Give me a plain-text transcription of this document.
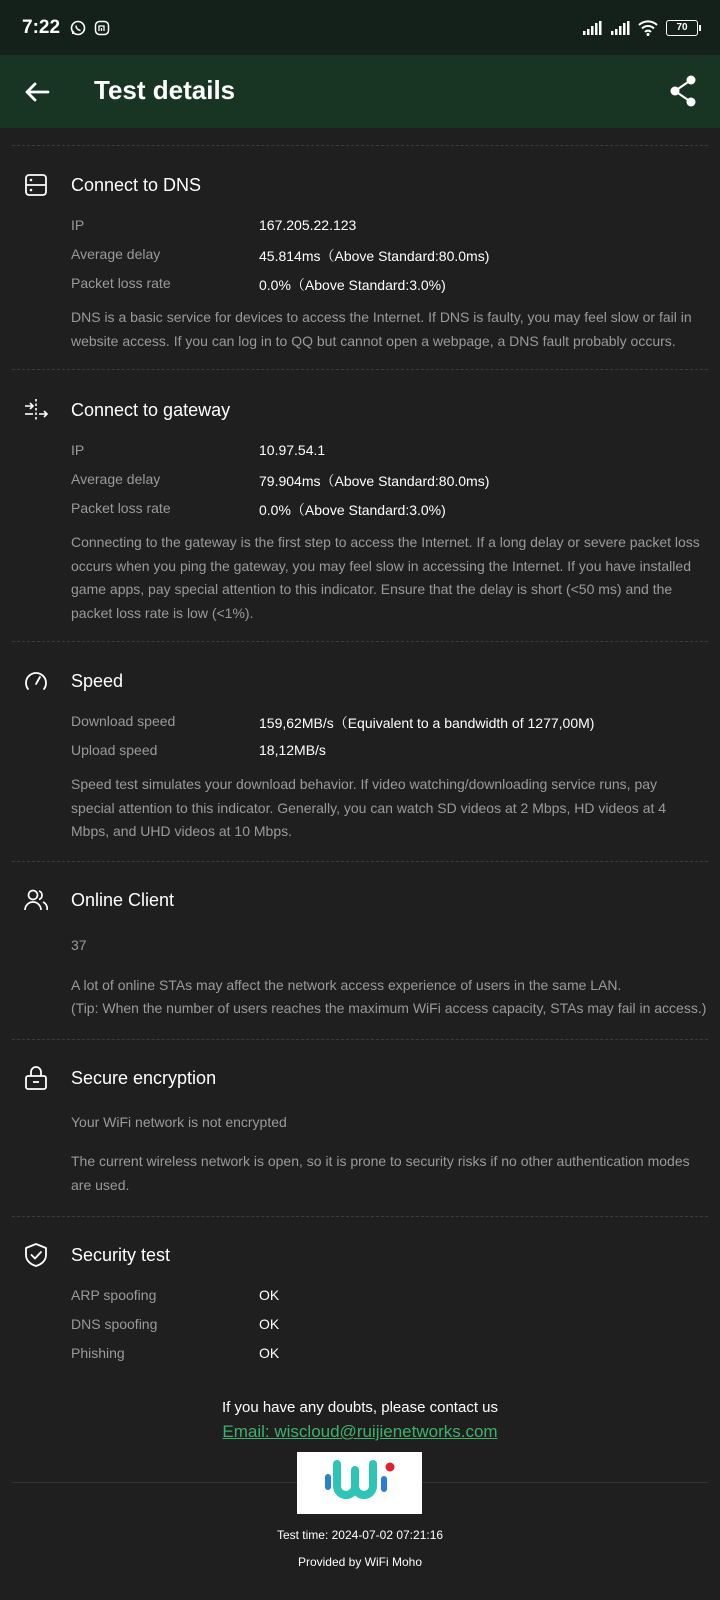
7:22	70
Test details
Connect to DNS
IP	167.205.22.123
Average delay	45.814ms（Above Standard:80.0ms)
Packet loss rate	0.0%（Above Standard:3.0%)
DNS is a basic service for devices to access the Internet. If DNS is faulty, you may feel slow or fail in website access. If you can log in to QQ but cannot open a webpage, a DNS fault probably occurs.
Connect to gateway
IP	10.97.54.1
Average delay	79.904ms（Above Standard:80.0ms)
Packet loss rate	0.0%（Above Standard:3.0%)
Connecting to the gateway is the first step to access the Internet. If a long delay or severe packet loss occurs when you ping the gateway, you may feel slow in accessing the Internet. If you have installed game apps, pay special attention to this indicator. Ensure that the delay is short (<50 ms) and the packet loss rate is low (<1%).
Speed
Download speed	159,62MB/s（Equivalent to a bandwidth of 1277,00M)
Upload speed	18,12MB/s
Speed test simulates your download behavior. If video watching/downloading service runs, pay special attention to this indicator. Generally, you can watch SD videos at 2 Mbps, HD videos at 4 Mbps, and UHD videos at 10 Mbps.
Online Client
37
A lot of online STAs may affect the network access experience of users in the same LAN.
(Tip: When the number of users reaches the maximum WiFi access capacity, STAs may fail in access.)
Secure encryption
Your WiFi network is not encrypted
The current wireless network is open, so it is prone to security risks if no other authentication modes are used.
Security test
ARP spoofing	OK
DNS spoofing	OK
Phishing	OK
If you have any doubts, please contact us
Email: wiscloud@ruijienetworks.com
Test time: 2024-07-02 07:21:16
Provided by WiFi Moho
